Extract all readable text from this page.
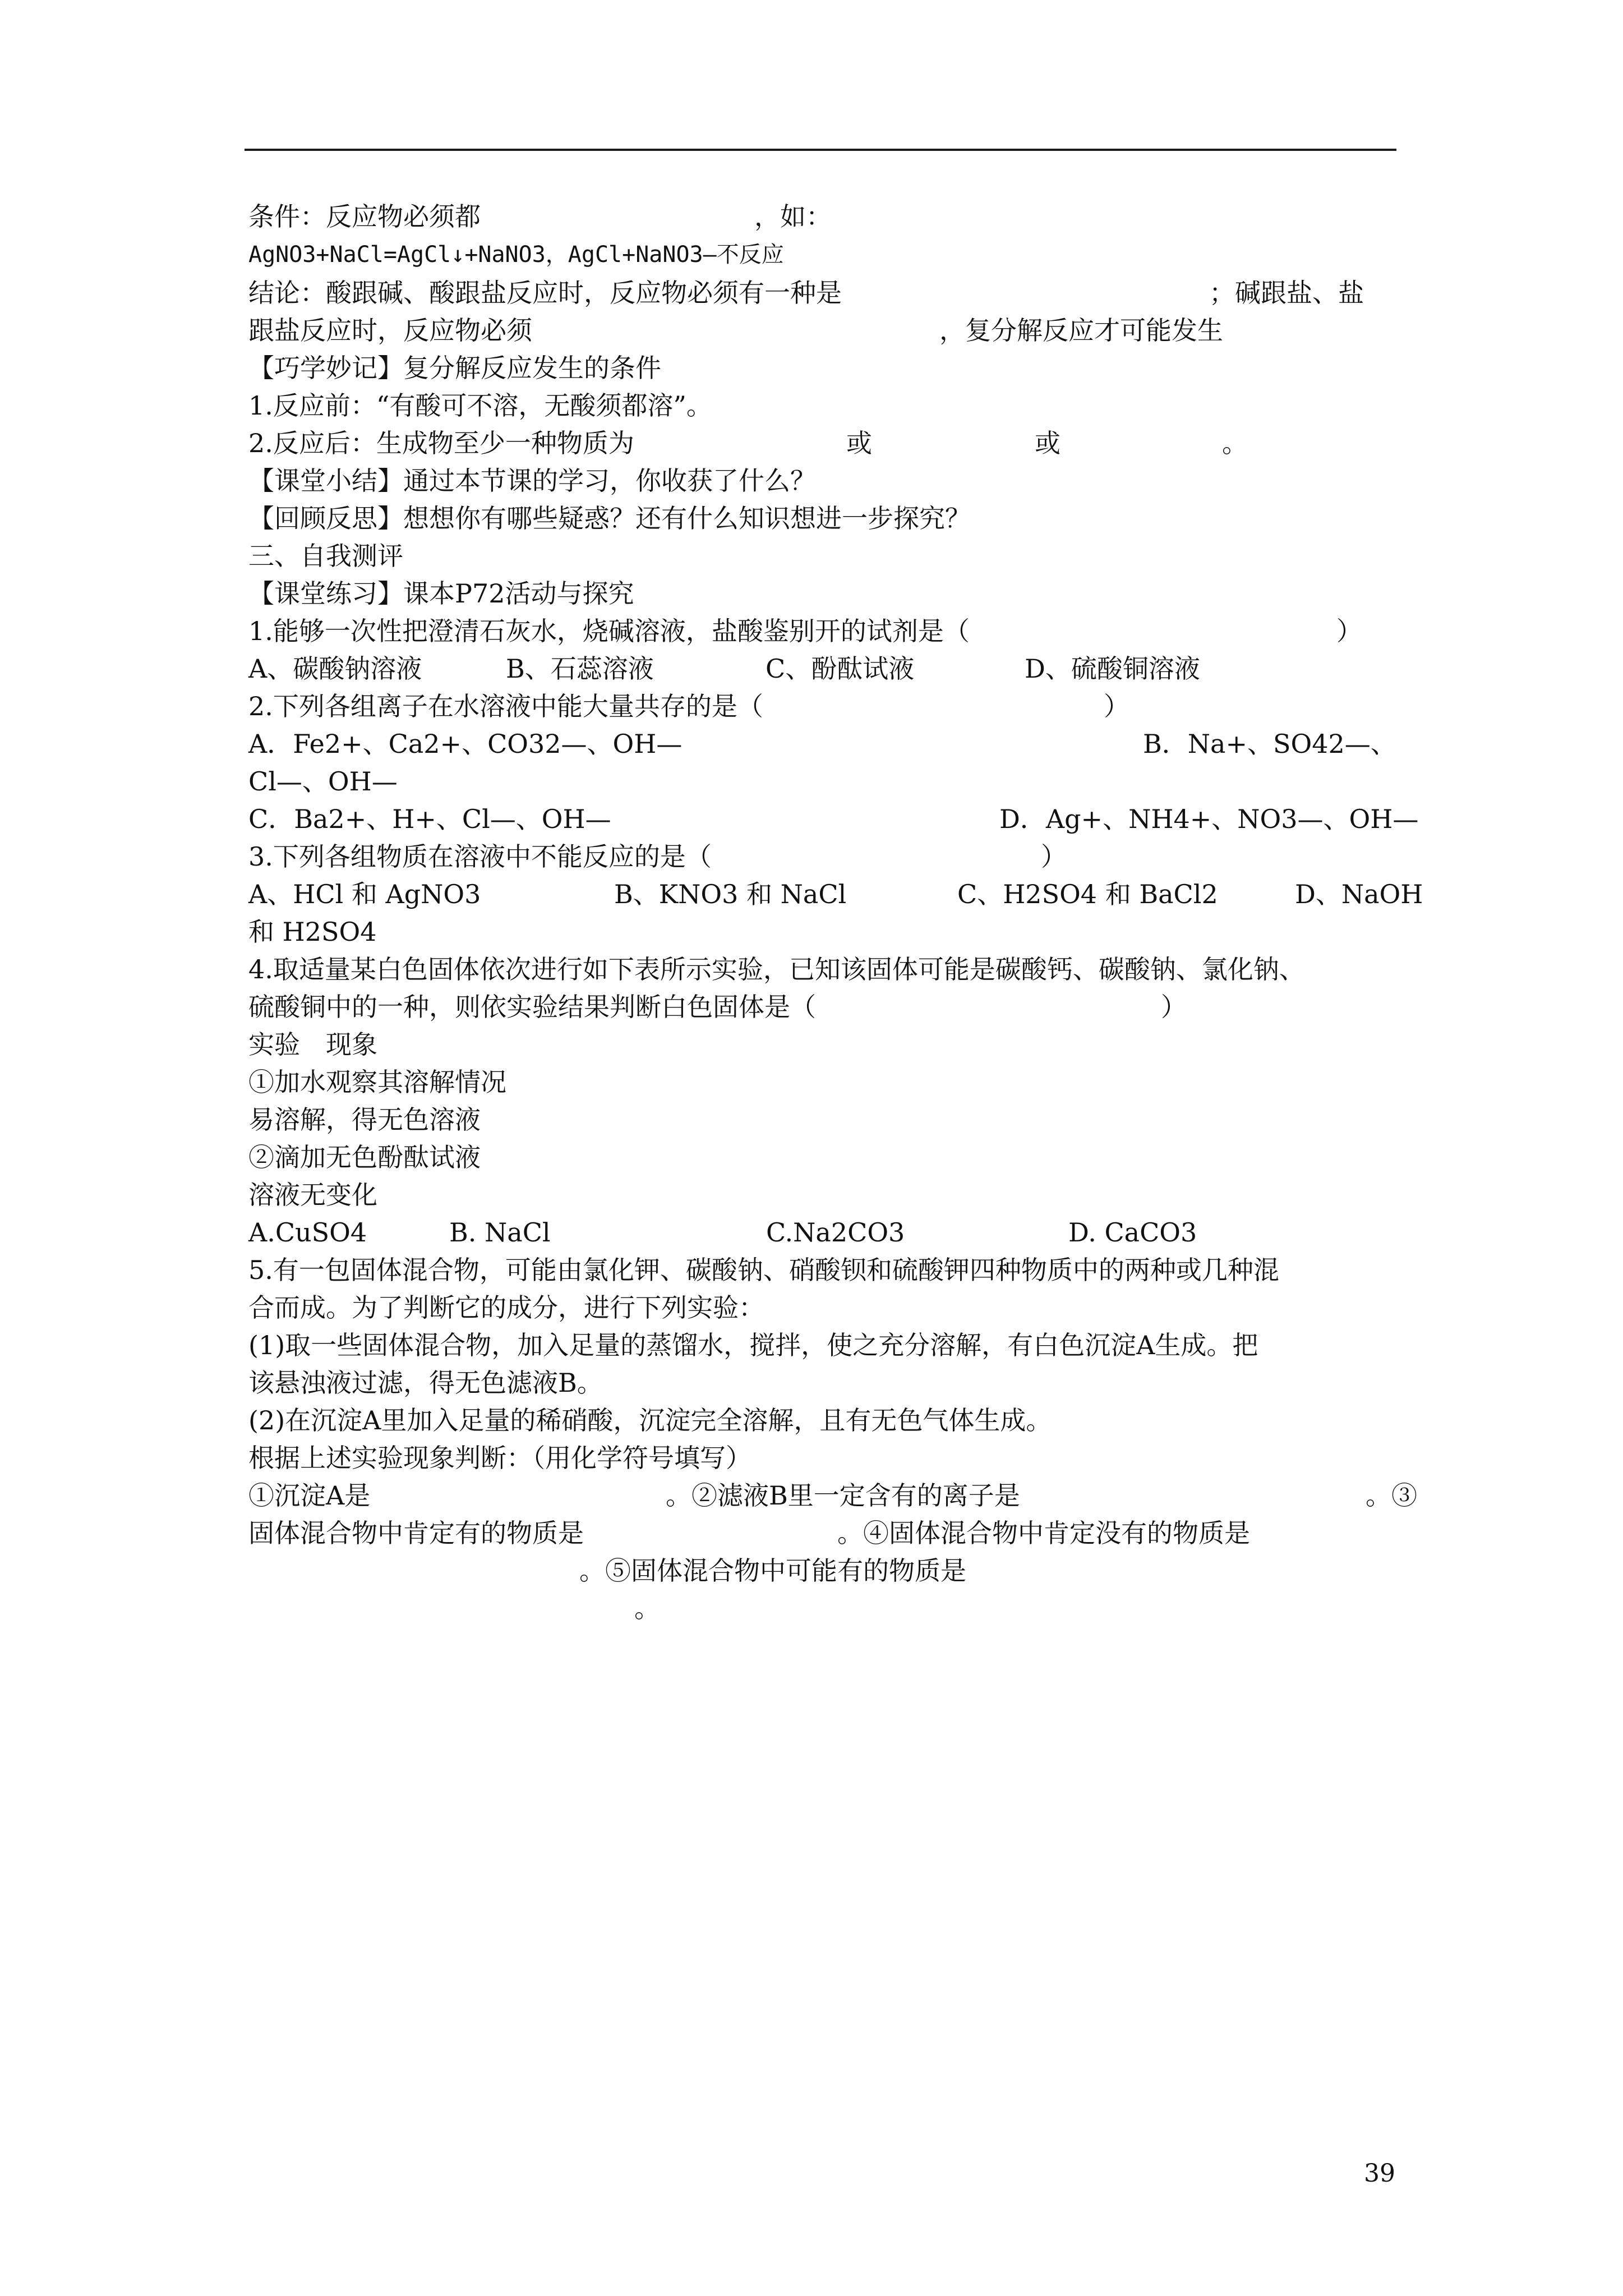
条件：反应物必须都	，如：
AgNO3+NaCl=AgCl↓+NaNO3，AgCl+NaNO3—不反应
结论：酸跟碱、酸跟盐反应时，反应物必须有一种是	；碱跟盐、盐
跟盐反应时，反应物必须	，复分解反应才可能发生
【巧学妙记】复分解反应发生的条件
1.反应前：“有酸可不溶，无酸须都溶”。
2.反应后：生成物至少一种物质为	或	或	。
【课堂小结】通过本节课的学习，你收获了什么？
【回顾反思】想想你有哪些疑惑？还有什么知识想进一步探究？
三、自我测评
【课堂练习】课本P72活动与探究
1.能够一次性把澄清石灰水，烧碱溶液，盐酸鉴别开的试剂是（	）
A、碳酸钠溶液	B、石蕊溶液	C、酚酞试液	D、硫酸铜溶液
2.下列各组离子在水溶液中能大量共存的是（	）
A．Fe2+、Ca2+、CO32—、OH—	B．Na+、SO42—、
Cl—、OH—
C．Ba2+、H+、Cl—、OH—	D．Ag+、NH4+、NO3—、OH—
3.下列各组物质在溶液中不能反应的是（	）
A、HCl 和 AgNO3	B、KNO3 和 NaCl	C、H2SO4 和 BaCl2	D、NaOH
和 H2SO4
4.取适量某白色固体依次进行如下表所示实验，已知该固体可能是碳酸钙、碳酸钠、氯化钠、
硫酸铜中的一种，则依实验结果判断白色固体是（	）
实验　现象
①加水观察其溶解情况
易溶解，得无色溶液
②滴加无色酚酞试液
溶液无变化
A.CuSO4	B. NaCl	C.Na2CO3	D. CaCO3
5.有一包固体混合物，可能由氯化钾、碳酸钠、硝酸钡和硫酸钾四种物质中的两种或几种混
合而成。为了判断它的成分，进行下列实验：
(1)取一些固体混合物，加入足量的蒸馏水，搅拌，使之充分溶解，有白色沉淀A生成。把
该悬浊液过滤，得无色滤液B。
(2)在沉淀A里加入足量的稀硝酸，沉淀完全溶解，且有无色气体生成。
根据上述实验现象判断：（用化学符号填写）
①沉淀A是	。②滤液B里一定含有的离子是	。③
固体混合物中肯定有的物质是	。④固体混合物中肯定没有的物质是
。⑤固体混合物中可能有的物质是
。
39
